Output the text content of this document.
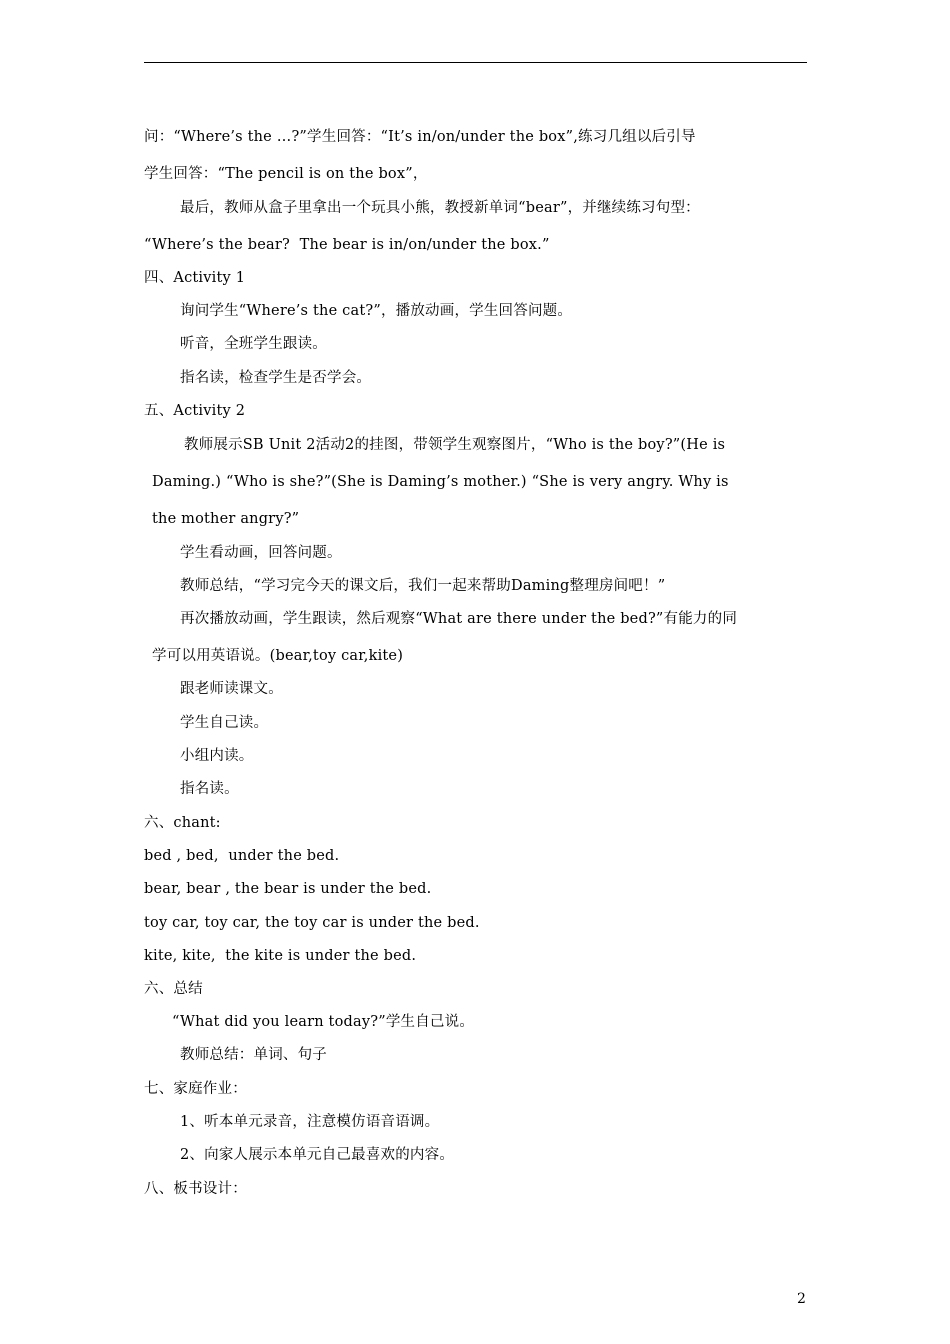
问：“Where’s the …?”学生回答：“It’s in/on/under the box”,练习几组以后引导
学生回答：“The pencil is on the box”，
最后，教师从盒子里拿出一个玩具小熊，教授新单词“bear”，并继续练习句型：
“Where’s the bear?  The bear is in/on/under the box.”
四、Activity 1
询问学生“Where’s the cat?”，播放动画，学生回答问题。
听音，全班学生跟读。
指名读，检查学生是否学会。
五、Activity 2
教师展示SB Unit 2活动2的挂图，带领学生观察图片，“Who is the boy?”(He is
Daming.) “Who is she?”(She is Daming’s mother.) “She is very angry. Why is
the mother angry?”
学生看动画，回答问题。
教师总结，“学习完今天的课文后，我们一起来帮助Daming整理房间吧！”
再次播放动画，学生跟读，然后观察“What are there under the bed?”有能力的同
学可以用英语说。(bear,toy car,kite)
跟老师读课文。
学生自己读。
小组内读。
指名读。
六、chant:
bed , bed,  under the bed.
bear, bear , the bear is under the bed.
toy car, toy car, the toy car is under the bed.
kite, kite,  the kite is under the bed.
六、总结
“What did you learn today?”学生自己说。
教师总结：单词、句子
七、家庭作业：
1、听本单元录音，注意模仿语音语调。
2、向家人展示本单元自己最喜欢的内容。
八、板书设计：
2
